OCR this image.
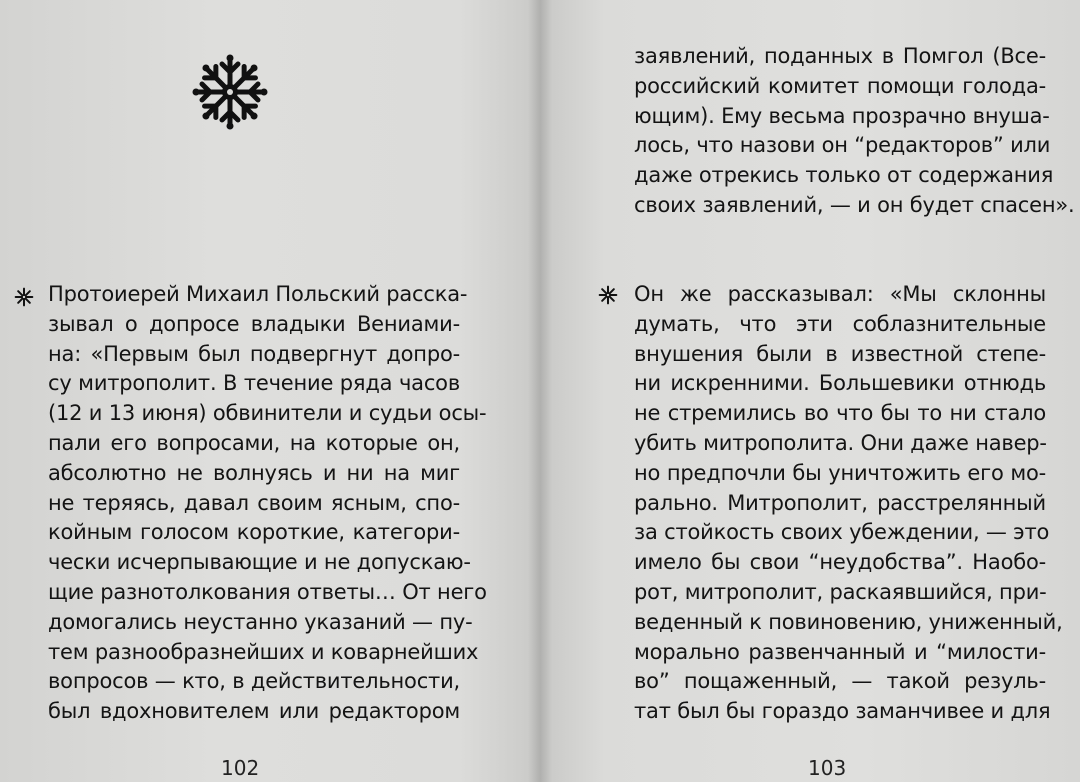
Протоиерей Михаил Польский расска-
зывал о допросе владыки Вениами-
на: «Первым был подвергнут допро-
су митрополит. В течение ряда часов
(12 и 13 июня) обвинители и судьи осы-
пали его вопросами, на которые он,
абсолютно не волнуясь и ни на миг
не теряясь, давал своим ясным, спо-
койным голосом короткие, категори-
чески исчерпывающие и не допускаю-
щие разнотолкования ответы… От него
домогались неустанно указаний — пу-
тем разнообразнейших и коварнейших
вопросов — кто, в действительности,
был вдохновителем или редактором

102

заявлений, поданных в Помгол (Все-
российский комитет помощи голода-
ющим). Ему весьма прозрачно внуша-
лось, что назови он “редакторов” или
даже отрекись только от содержания
своих заявлений, — и он будет спасен».

Он же рассказывал: «Мы склонны
думать, что эти соблазнительные
внушения были в известной степе-
ни искренними. Большевики отнюдь
не стремились во что бы то ни стало
убить митрополита. Они даже навер-
но предпочли бы уничтожить его мо-
рально. Митрополит, расстрелянный
за стойкость своих убеждении, — это
имело бы свои “неудобства”. Наобо-
рот, митрополит, раскаявшийся, при-
веденный к повиновению, униженный,
морально развенчанный и “милости-
во” пощаженный, — такой резуль-
тат был бы гораздо заманчивее и для

103
